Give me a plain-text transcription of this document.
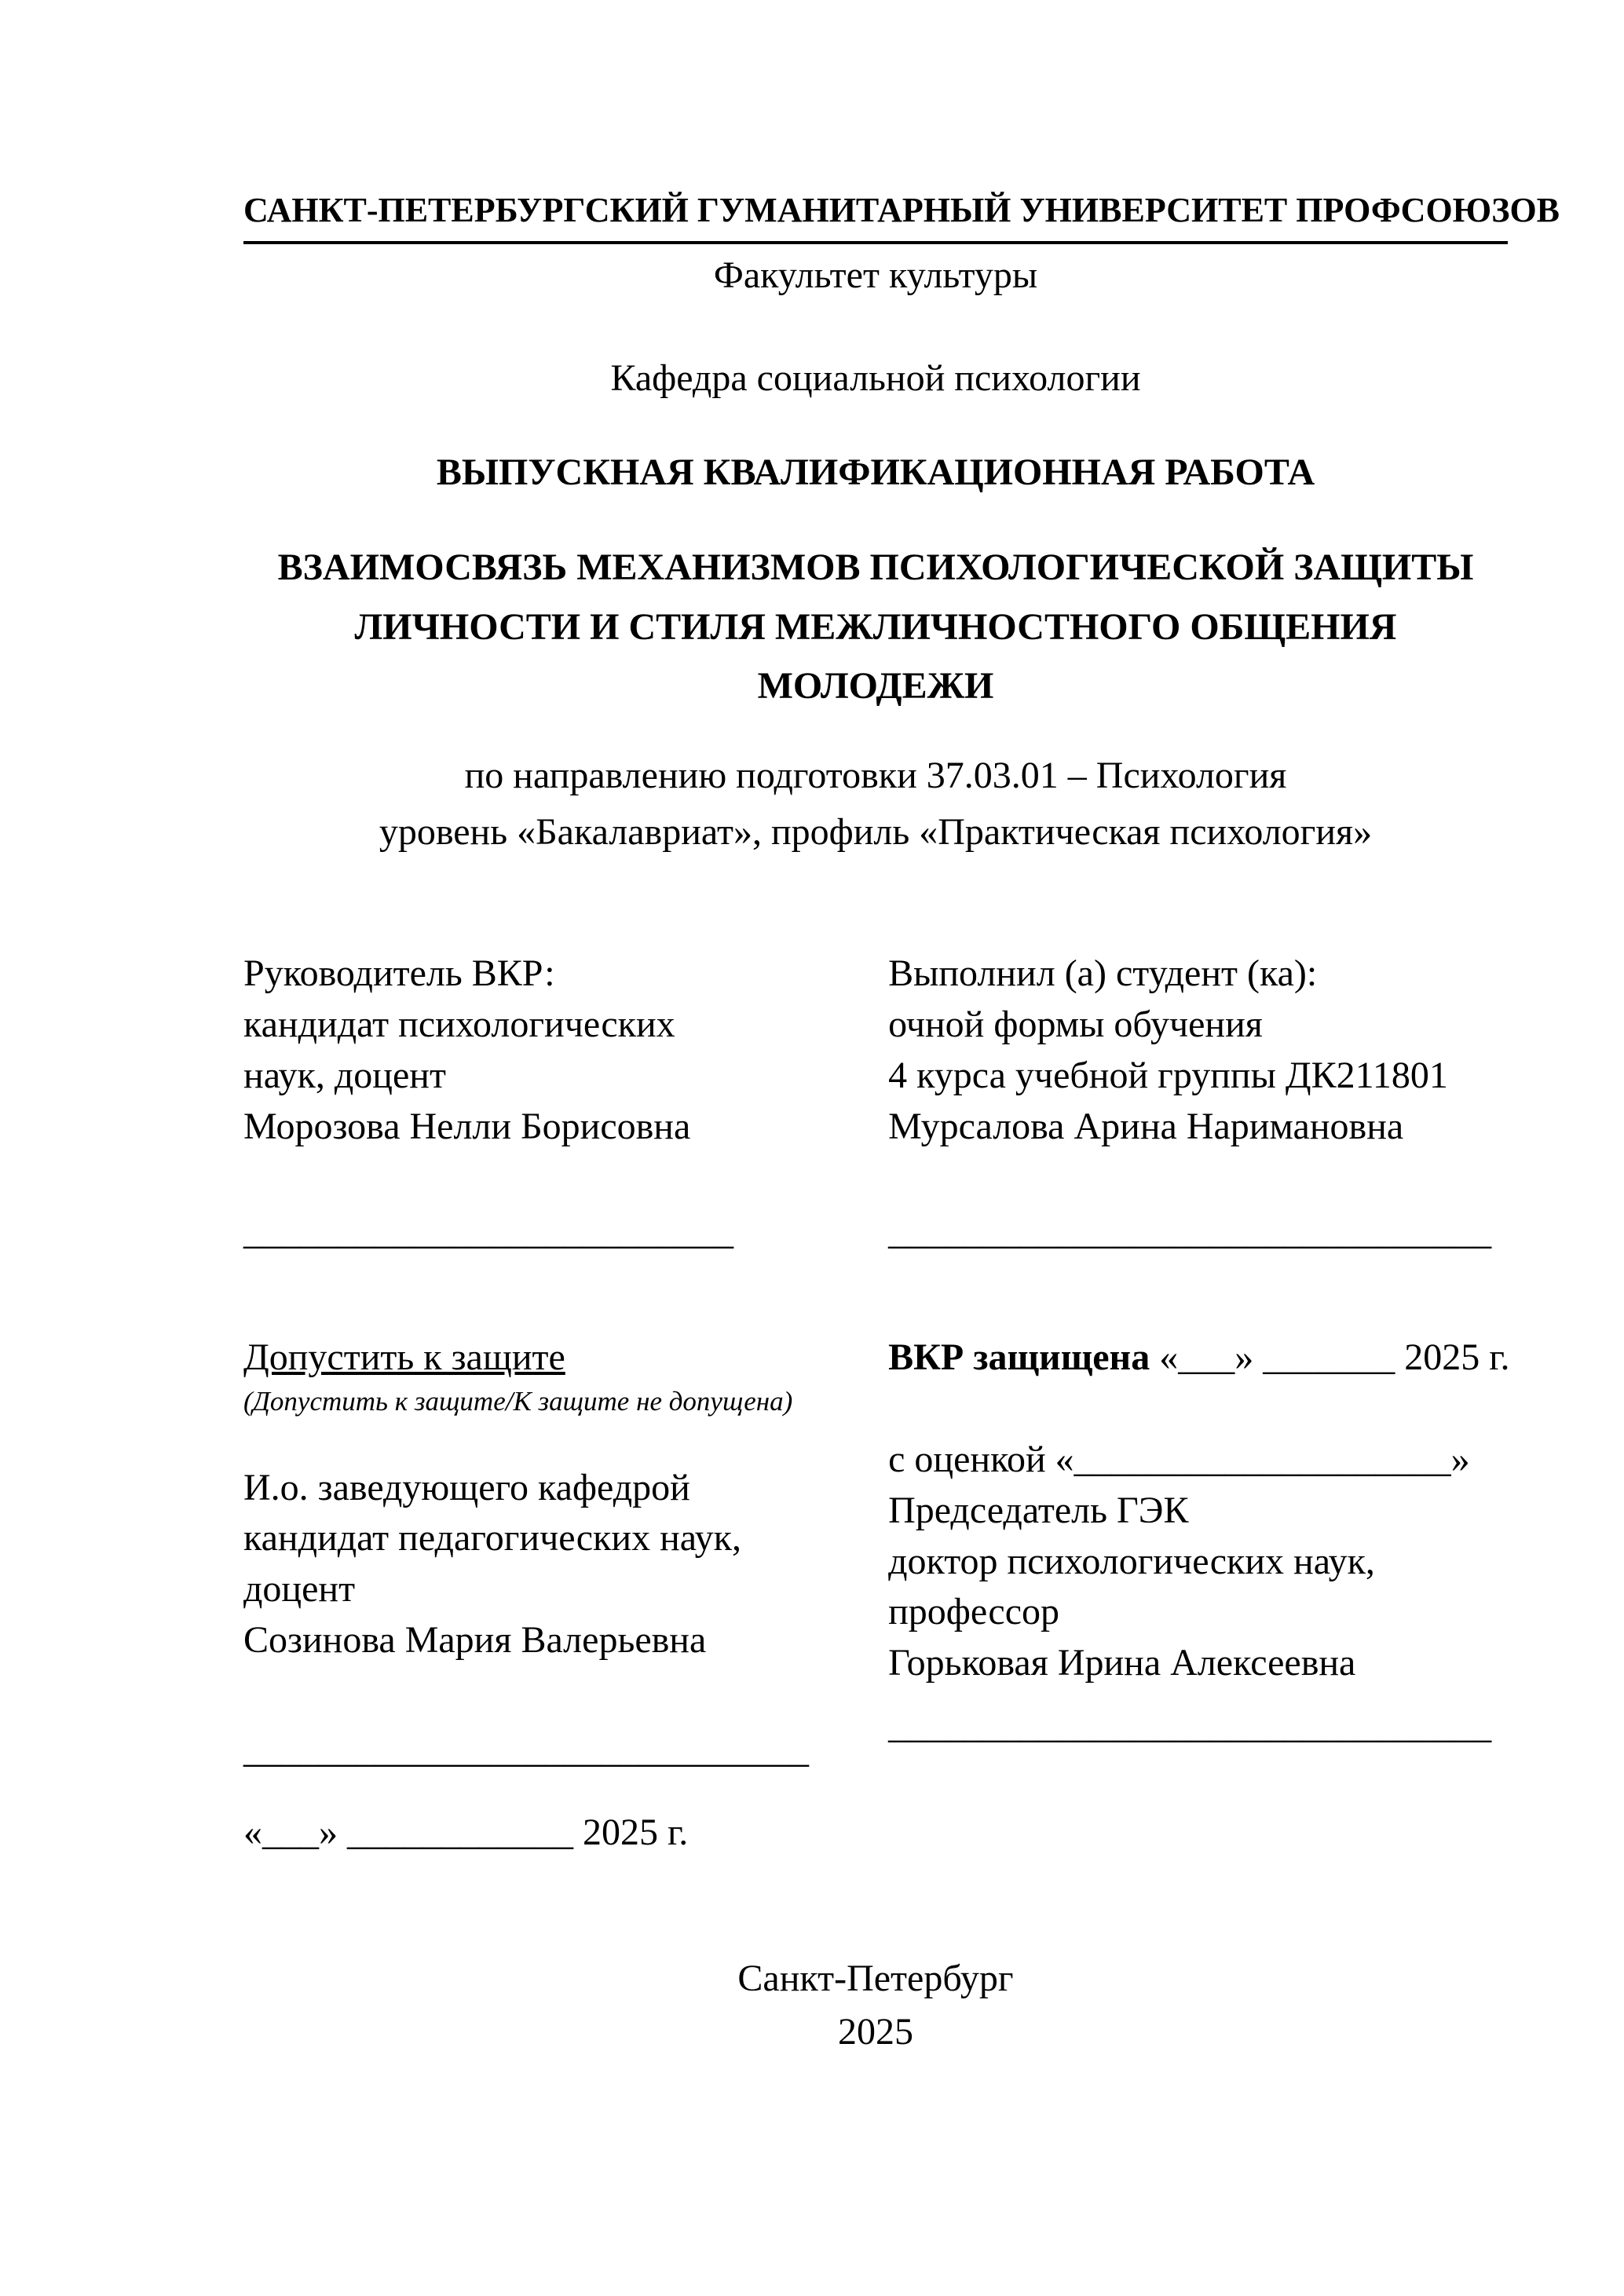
САНКТ-ПЕТЕРБУРГСКИЙ ГУМАНИТАРНЫЙ УНИВЕРСИТЕТ ПРОФСОЮЗОВ
Факультет культуры
Кафедра социальной психологии
ВЫПУСКНАЯ КВАЛИФИКАЦИОННАЯ РАБОТА
ВЗАИМОСВЯЗЬ МЕХАНИЗМОВ ПСИХОЛОГИЧЕСКОЙ ЗАЩИТЫ
ЛИЧНОСТИ И СТИЛЯ МЕЖЛИЧНОСТНОГО ОБЩЕНИЯ
МОЛОДЕЖИ
по направлению подготовки 37.03.01 – Психология
уровень «Бакалавриат», профиль «Практическая психология»
Руководитель ВКР:
кандидат психологических
наук, доцент
Морозова Нелли Борисовна
__________________________
Допустить к защите
(Допустить к защите/К защите не допущена)
И.о. заведующего кафедрой
кандидат педагогических наук,
доцент
Созинова Мария Валерьевна
______________________________
«___» ____________ 2025 г.
Выполнил (а) студент (ка):
очной формы обучения
4 курса учебной группы ДК211801
Мурсалова Арина Наримановна
________________________________
ВКР защищена «___» _______ 2025 г.
с оценкой «____________________»
Председатель ГЭК
доктор психологических наук,
профессор
Горьковая Ирина Алексеевна
________________________________
Санкт-Петербург
2025
